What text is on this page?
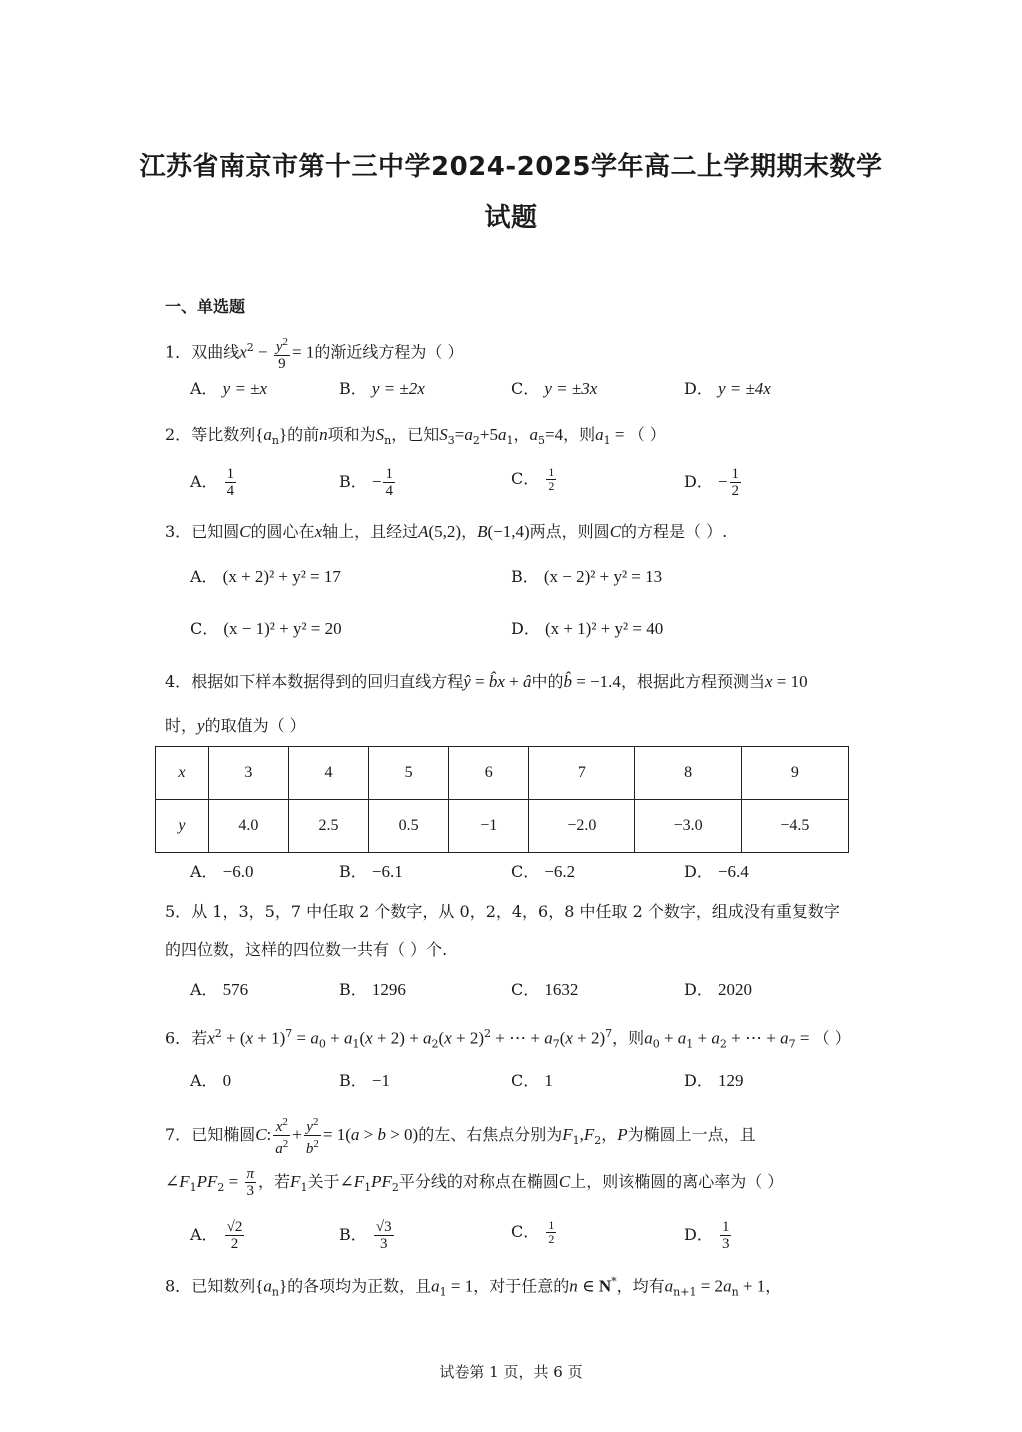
江苏省南京市第十三中学2024-2025学年高二上学期期末数学
试题
一、单选题
1．双曲线$x^2 - \frac{y^2}{9} = 1$的渐近线方程为（ ）
A． y = ±x	B． y = ±2x	C． y = ±3x	D． y = ±4x
2．等比数列$\{a_n\}$的前n项和为$S_n$，已知$S_3=a_2+5a_1$，$a_5=4$，则$a_1$ = （ ）
A． $\frac{1}{4}$	B． − $\frac{1}{4}$	C． $\frac{1}{2}$	D． − $\frac{1}{2}$
3．已知圆C的圆心在x轴上，且经过A(5,2)，B(−1,4)两点，则圆C的方程是（ ）.
A． (x + 2)² + y² = 17	B． (x − 2)² + y² = 13
C． (x − 1)² + y² = 20	D． (x + 1)² + y² = 40
4．根据如下样本数据得到的回归直线方程ŷ = b̂x + â中的b̂ = −1.4，根据此方程预测当x = 10
时，y的取值为（ ）
x	3	4	5	6	7	8	9
y	4.0	2.5	0.5	−1	−2.0	−3.0	−4.5
A． −6.0	B． −6.1	C． −6.2	D． −6.4
5．从 1，3，5，7 中任取 2 个数字，从 0，2，4，6，8 中任取 2 个数字，组成没有重复数字
的四位数，这样的四位数一共有（ ）个.
A． 576	B． 1296	C． 1632	D． 2020
6．若$x^2 + (x + 1)^7 = a_0 + a_1(x + 2) + a_2(x + 2)^2$ + ⋯ + $a_7(x + 2)^7$，则$a_0 + a_1 + a_2$ + ⋯ + $a_7$ = （ ）
A． 0	B． −1	C． 1	D． 129
7．已知椭圆C: $\frac{x^2}{a^2} + \frac{y^2}{b^2} = 1(a > b > 0)$的左、右焦点分别为$F_1,F_2$，P为椭圆上一点，且
$\angle F_1PF_2 = \frac{\pi}{3}$ ，若$F_1$关于$\angle F_1PF_2$平分线的对称点在椭圆C上，则该椭圆的离心率为（ ）
A． $\frac{√2}{2}$	B． $\frac{√3}{3}$	C． $\frac{1}{2}$	D． $\frac{1}{3}$
8．已知数列$\{a_n\}$的各项均为正数，且$a_1 = 1$，对于任意的n ∈ N*，均有$a_{n+1} = 2a_n + 1$，
试卷第 1 页，共 6 页
